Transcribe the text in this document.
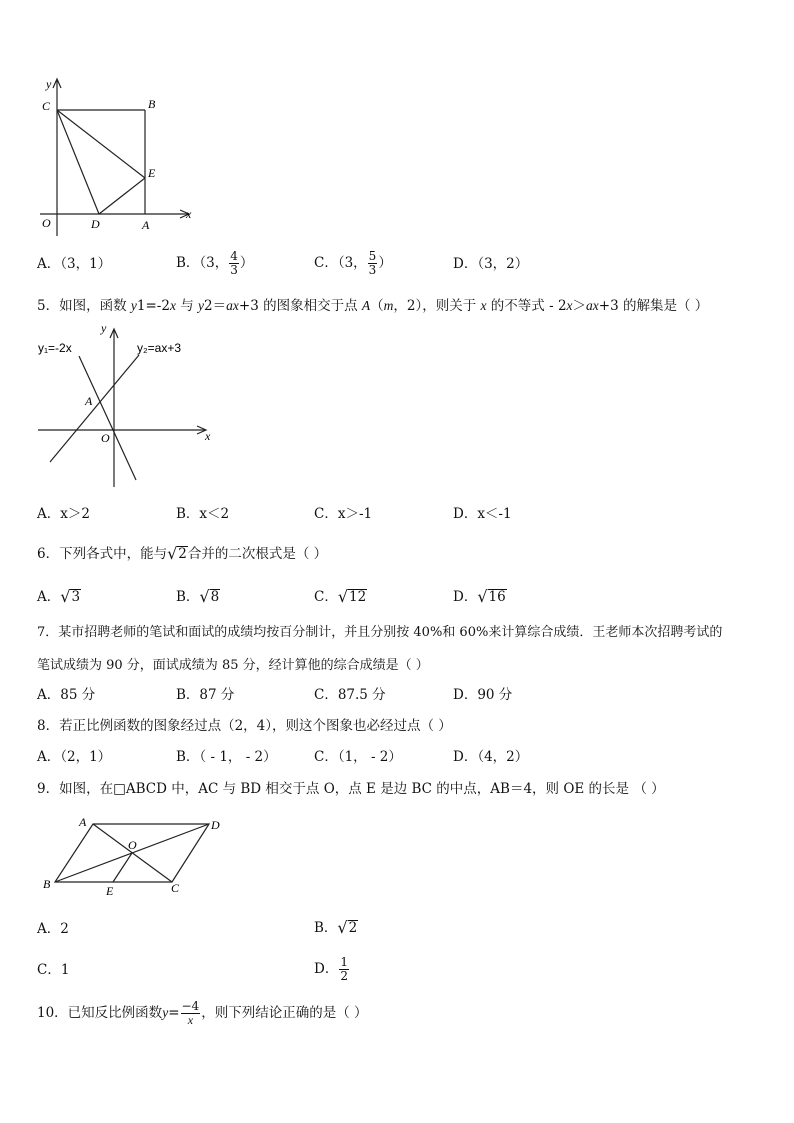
y
C	B
E
x
O	D	A
A．（3，1）	B．（3， $\frac{4}{3}$ ）	C．（3， $\frac{5}{3}$ ）	D．（3，2）
5．如图，函数 y1=-2x 与 y2＝ax+3 的图象相交于点 A（m，2），则关于 x 的不等式 - 2x＞ax+3 的解集是（ ）
y₁=-2x	y₂=ax+3
A
O	x
y
A．x＞2	B．x＜2	C．x＞-1	D．x＜-1
6．下列各式中，能与 √ 2 合并的二次根式是（ ）
A． √ 3	B． √ 8	C． √ 12	D． √ 16
7．某市招聘老师的笔试和面试的成绩均按百分制计，并且分别按 40%和 60%来计算综合成绩．王老师本次招聘考试的
笔试成绩为 90 分，面试成绩为 85 分，经计算他的综合成绩是（ ）
A．85 分	B．87 分	C．87.5 分	D．90 分
8．若正比例函数的图象经过点（2，4），则这个图象也必经过点（ ）
A．（2，1）	B．（ - 1， - 2）	C．（1， - 2）	D．（4，2）
9．如图，在□ABCD 中，AC 与 BD 相交于点 O，点 E 是边 BC 的中点，AB＝4，则 OE 的长是 （ ）
A	D
O
B	E	C
A．2	B． √ 2
C．1	D． $\frac{1}{2}$
10．已知反比例函数 $y = \frac{-4}{x}$ ，则下列结论正确的是（ ）
